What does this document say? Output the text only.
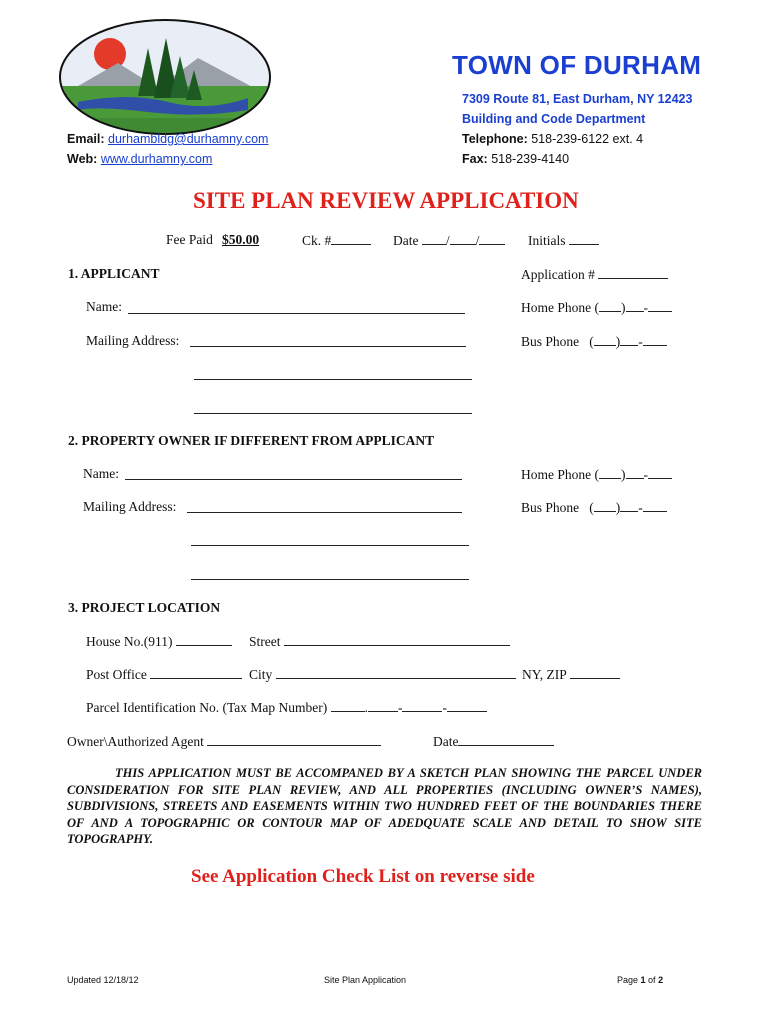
TOWN OF DURHAM
7309 Route 81, East Durham, NY 12423
Building and Code Department
Telephone: 518-239-6122 ext. 4
Fax: 518-239-4140
Email: durhambldg@durhamny.com
Web: www.durhamny.com
SITE PLAN REVIEW APPLICATION
Fee Paid $50.00	Ck. #	Date / /	Initials
1. APPLICANT	Application #
Name:	Home Phone ( ) -
Mailing Address:	Bus Phone   ( ) -
2. PROPERTY OWNER IF DIFFERENT FROM APPLICANT
Name:	Home Phone ( ) -
Mailing Address:	Bus Phone   ( ) -
3. PROJECT LOCATION
House No.(911)	Street
Post Office	City	NY, ZIP
Parcel Identification No. (Tax Map Number)	. -	-
Owner\Authorized Agent	Date
THIS APPLICATION MUST BE ACCOMPANED BY A SKETCH PLAN SHOWING THE PARCEL UNDER CONSIDERATION FOR SITE PLAN REVIEW, AND ALL PROPERTIES (INCLUDING OWNER’S NAMES), SUBDIVISIONS, STREETS AND EASEMENTS WITHIN TWO HUNDRED FEET OF THE BOUNDARIES THERE OF AND A TOPOGRAPHIC OR CONTOUR MAP OF ADEDQUATE SCALE AND DETAIL TO SHOW SITE TOPOGRAPHY.
See Application Check List on reverse side
Updated 12/18/12	Site Plan Application	Page 1 of 2
